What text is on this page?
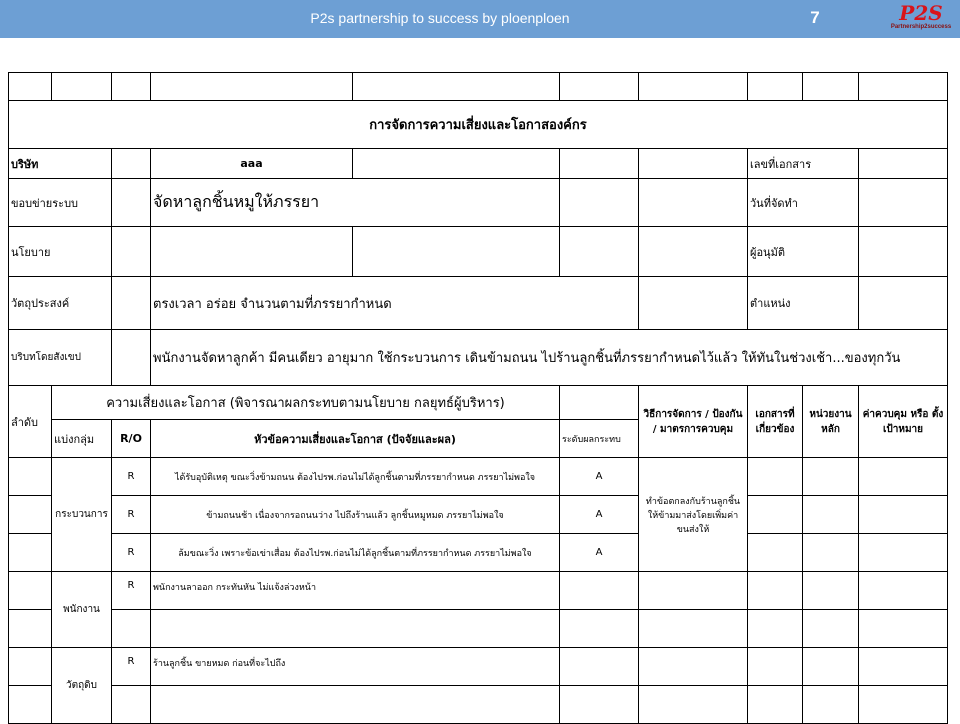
P2s partnership to success by ploenploen	7	P2S
Partnership2success

การจัดการความเสี่ยงและโอกาสองค์กร									
บริษัท			aaa				เลขที่เอกสาร		
ขอบข่ายระบบ			จัดหาลูกชิ้นหมูให้ภรรยา				วันที่จัดทำ		
นโยบาย							ผู้อนุมัติ		
วัตถุประสงค์			ตรงเวลา อร่อย จำนวนตามที่ภรรยากำหนด				ตำแหน่ง		
บริบทโดยสังเขป			พนักงานจัดหาลูกค้า มีคนเดียว อายุมาก ใช้กระบวนการ เดินข้ามถนน ไปร้านลูกชิ้นที่ภรรยากำหนดไว้แล้ว ให้ทันในช่วงเช้า...ของทุกวัน						
ลำดับ	ความเสี่ยงและโอกาส (พิจารณาผลกระทบตามนโยบาย กลยุทธ์ผู้บริหาร)					วิธีการจัดการ / ป้องกัน / มาตรการควบคุม	เอกสารที่เกี่ยวข้อง	หน่วยงานหลัก	ค่าควบคุม หรือ ตั้งเป้าหมาย
	แบ่งกลุ่ม	R/O	หัวข้อความเสี่ยงและโอกาส (ปัจจัยและผล)		ระดับผลกระทบ				
	กระบวนการ	R	ได้รับอุบัติเหตุ ขณะวิ่งข้ามถนน ต้องไปรพ.ก่อนไม่ได้ลูกชิ้นตามที่ภรรยากำหนด ภรรยาไม่พอใจ		A	ทำข้อตกลงกับร้านลูกชิ้น ให้ข้ามมาส่งโดยเพิ่มค่าขนส่งให้			
		R	ข้ามถนนช้า เนื่องจากรอถนนว่าง ไปถึงร้านแล้ว ลูกชิ้นหมูหมด ภรรยาไม่พอใจ		A				
		R	ล้มขณะวิ่ง เพราะข้อเข่าเสื่อม ต้องไปรพ.ก่อนไม่ได้ลูกชิ้นตามที่ภรรยากำหนด ภรรยาไม่พอใจ		A				
	พนักงาน	R	พนักงานลาออก กระทันหัน ไม่แจ้งล่วงหน้า						

	วัตถุดิบ	R	ร้านลูกชิ้น ขายหมด ก่อนที่จะไปถึง						
